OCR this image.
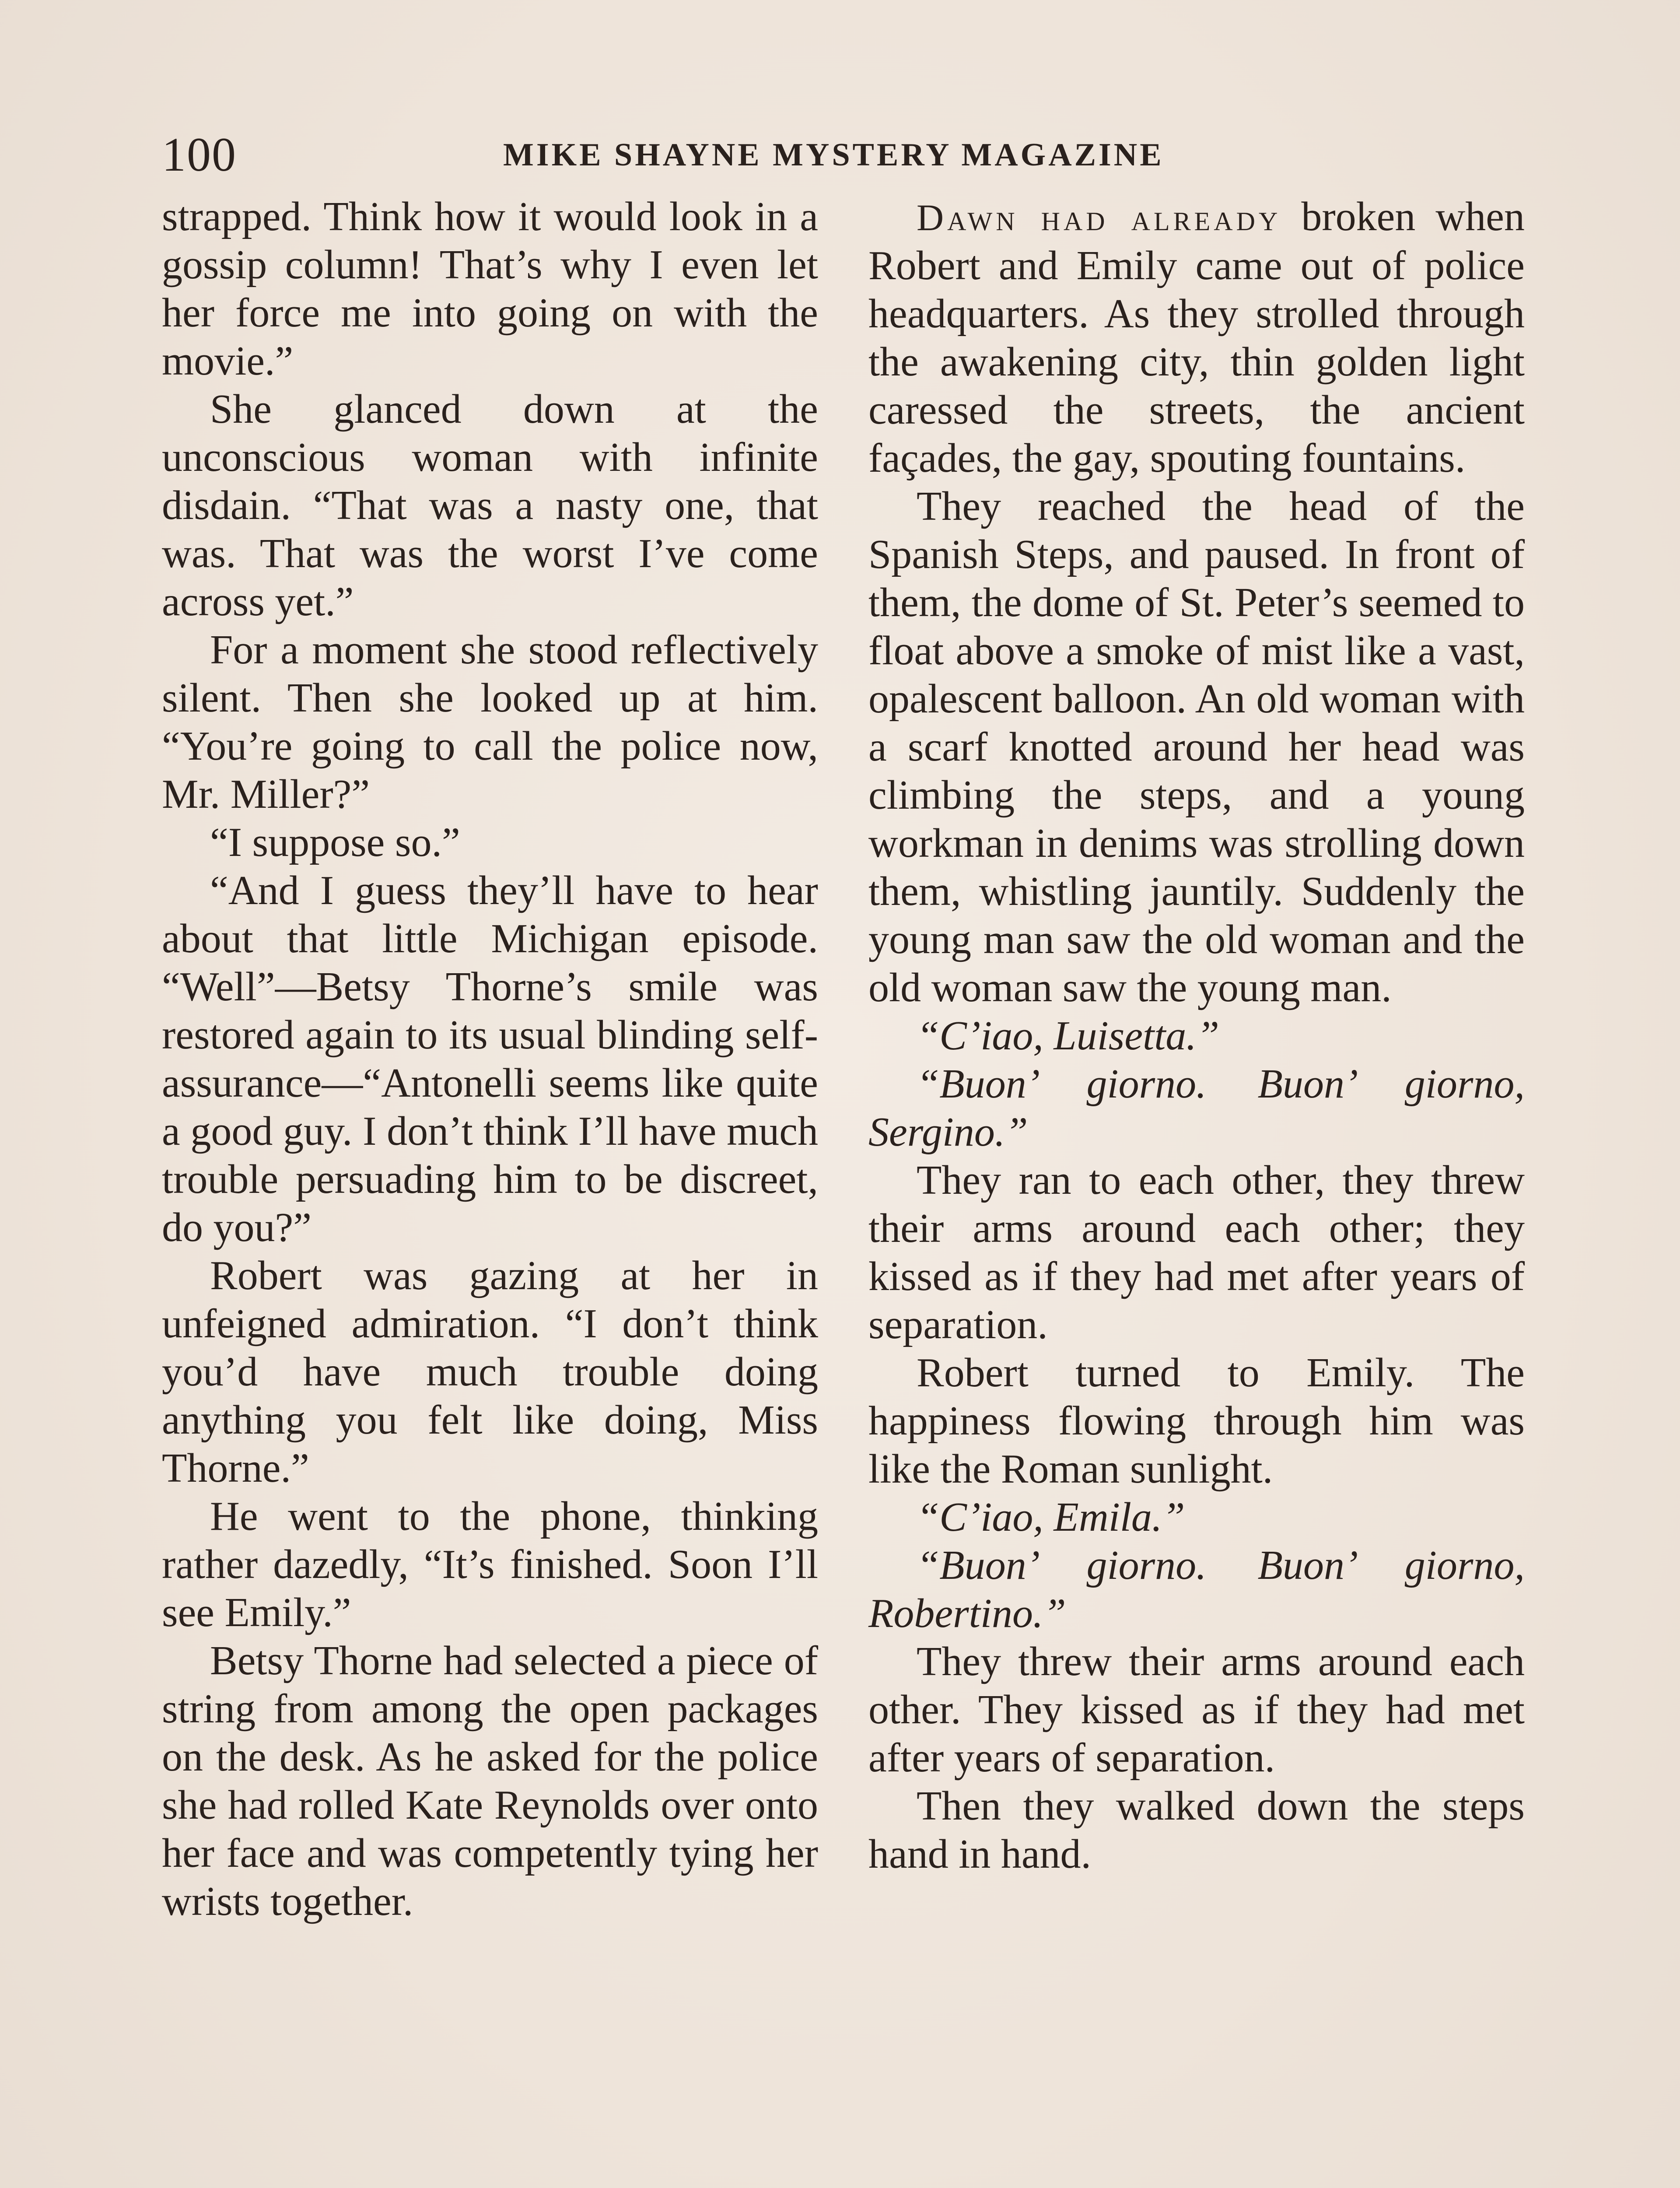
100	MIKE SHAYNE MYSTERY MAGAZINE

strapped. Think how it would look in a gossip column! That’s why I even let her force me into going on with the movie.”

She glanced down at the unconscious woman with infinite disdain. “That was a nasty one, that was. That was the worst I’ve come across yet.”

For a moment she stood reflectively silent. Then she looked up at him. “You’re going to call the police now, Mr. Miller?”

“I suppose so.”

“And I guess they’ll have to hear about that little Michigan episode. “Well”—Betsy Thorne’s smile was restored again to its usual blinding self-assurance—“Antonelli seems like quite a good guy. I don’t think I’ll have much trouble persuading him to be discreet, do you?”

Robert was gazing at her in unfeigned admiration. “I don’t think you’d have much trouble doing anything you felt like doing, Miss Thorne.”

He went to the phone, thinking rather dazedly, “It’s finished. Soon I’ll see Emily.”

Betsy Thorne had selected a piece of string from among the open packages on the desk. As he asked for the police she had rolled Kate Reynolds over onto her face and was competently tying her wrists together.

Dawn had already broken when Robert and Emily came out of police headquarters. As they strolled through the awakening city, thin golden light caressed the streets, the ancient façades, the gay, spouting fountains.

They reached the head of the Spanish Steps, and paused. In front of them, the dome of St. Peter’s seemed to float above a smoke of mist like a vast, opalescent balloon. An old woman with a scarf knotted around her head was climbing the steps, and a young workman in denims was strolling down them, whistling jauntily. Suddenly the young man saw the old woman and the old woman saw the young man.

“C’iao, Luisetta.”

“Buon’ giorno. Buon’ giorno, Sergino.”

They ran to each other, they threw their arms around each other; they kissed as if they had met after years of separation.

Robert turned to Emily. The happiness flowing through him was like the Roman sunlight.

“C’iao, Emila.”

“Buon’ giorno. Buon’ giorno, Robertino.”

They threw their arms around each other. They kissed as if they had met after years of separation.

Then they walked down the steps hand in hand.
